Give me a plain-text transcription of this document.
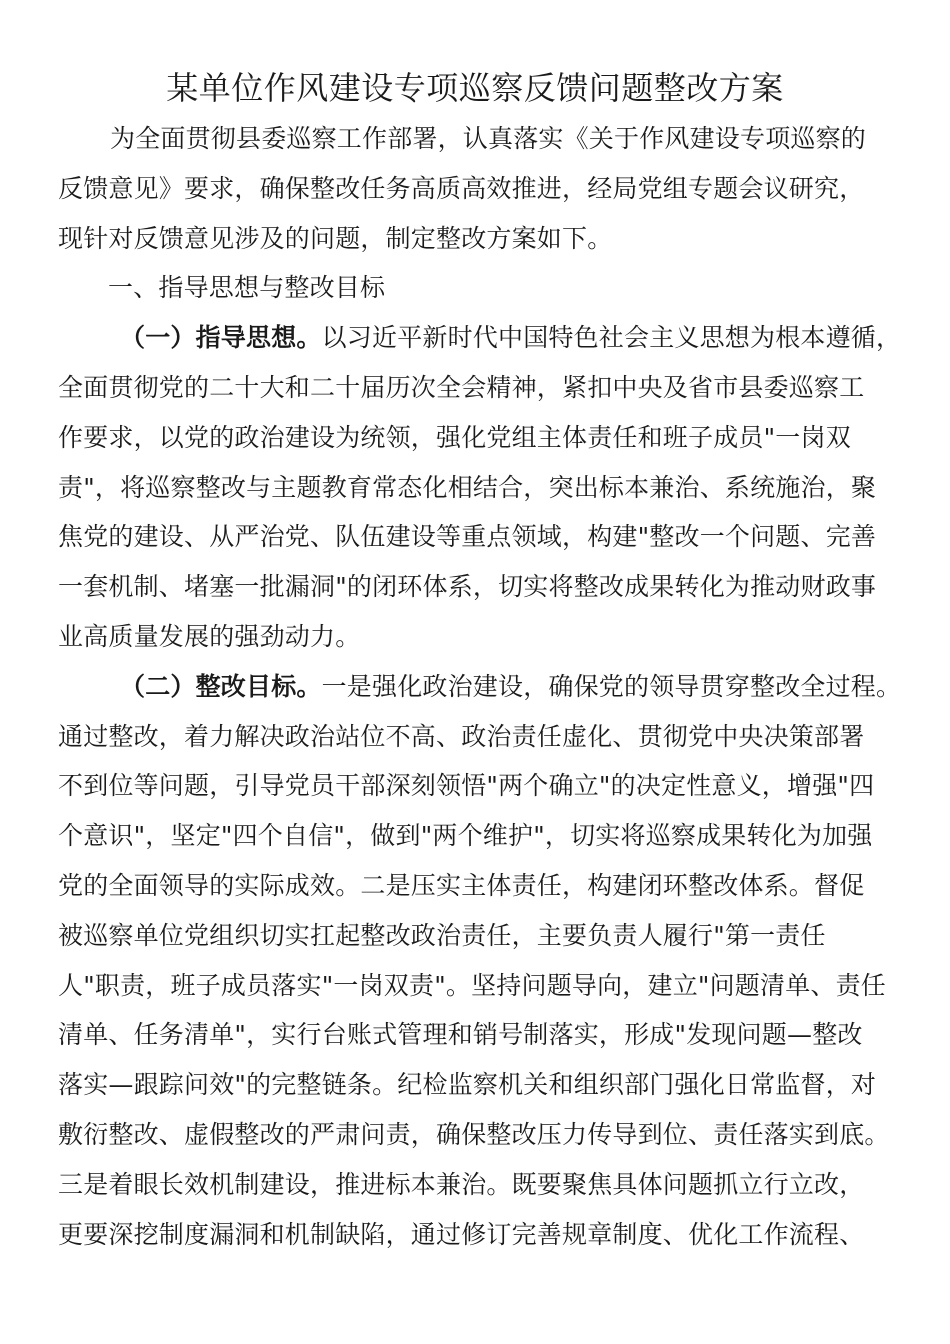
某单位作风建设专项巡察反馈问题整改方案
为全面贯彻县委巡察工作部署，认真落实《关于作风建设专项巡察的
反馈意见》要求，确保整改任务高质高效推进，经局党组专题会议研究，
现针对反馈意见涉及的问题，制定整改方案如下。
一、指导思想与整改目标
（一）指导思想。以习近平新时代中国特色社会主义思想为根本遵循，
全面贯彻党的二十大和二十届历次全会精神，紧扣中央及省市县委巡察工
作要求，以党的政治建设为统领，强化党组主体责任和班子成员"一岗双
责"，将巡察整改与主题教育常态化相结合，突出标本兼治、系统施治，聚
焦党的建设、从严治党、队伍建设等重点领域，构建"整改一个问题、完善
一套机制、堵塞一批漏洞"的闭环体系，切实将整改成果转化为推动财政事
业高质量发展的强劲动力。
（二）整改目标。一是强化政治建设，确保党的领导贯穿整改全过程。
通过整改，着力解决政治站位不高、政治责任虚化、贯彻党中央决策部署
不到位等问题，引导党员干部深刻领悟"两个确立"的决定性意义，增强"四
个意识"，坚定"四个自信"，做到"两个维护"，切实将巡察成果转化为加强
党的全面领导的实际成效。二是压实主体责任，构建闭环整改体系。督促
被巡察单位党组织切实扛起整改政治责任，主要负责人履行"第一责任
人"职责，班子成员落实"一岗双责"。坚持问题导向，建立"问题清单、责任
清单、任务清单"，实行台账式管理和销号制落实，形成"发现问题—整改
落实—跟踪问效"的完整链条。纪检监察机关和组织部门强化日常监督，对
敷衍整改、虚假整改的严肃问责，确保整改压力传导到位、责任落实到底。
三是着眼长效机制建设，推进标本兼治。既要聚焦具体问题抓立行立改，
更要深挖制度漏洞和机制缺陷，通过修订完善规章制度、优化工作流程、
